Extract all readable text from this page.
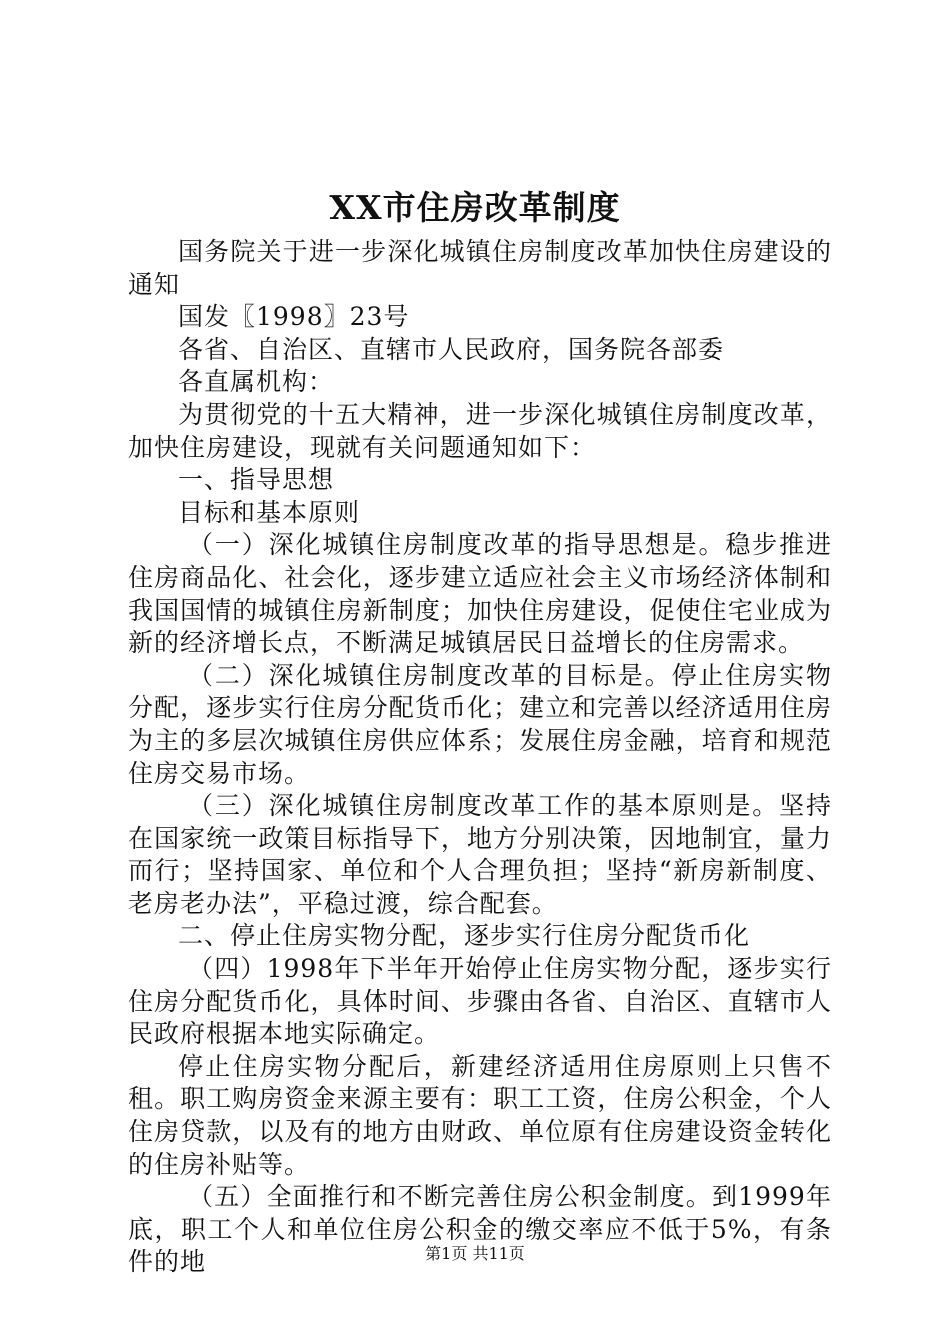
XX市住房改革制度

国务院关于进一步深化城镇住房制度改革加快住房建设的通知

国发〖1998〗23号

各省、自治区、直辖市人民政府，国务院各部委

各直属机构：

为贯彻党的十五大精神，进一步深化城镇住房制度改革，加快住房建设，现就有关问题通知如下：

一、指导思想

目标和基本原则

（一）深化城镇住房制度改革的指导思想是。稳步推进住房商品化、社会化，逐步建立适应社会主义市场经济体制和我国国情的城镇住房新制度；加快住房建设，促使住宅业成为新的经济增长点，不断满足城镇居民日益增长的住房需求。

（二）深化城镇住房制度改革的目标是。停止住房实物分配，逐步实行住房分配货币化；建立和完善以经济适用住房为主的多层次城镇住房供应体系；发展住房金融，培育和规范住房交易市场。

（三）深化城镇住房制度改革工作的基本原则是。坚持在国家统一政策目标指导下，地方分别决策，因地制宜，量力而行；坚持国家、单位和个人合理负担；坚持“新房新制度、老房老办法”，平稳过渡，综合配套。

二、停止住房实物分配，逐步实行住房分配货币化

（四）1998年下半年开始停止住房实物分配，逐步实行住房分配货币化，具体时间、步骤由各省、自治区、直辖市人民政府根据本地实际确定。

停止住房实物分配后，新建经济适用住房原则上只售不租。职工购房资金来源主要有：职工工资，住房公积金，个人住房贷款，以及有的地方由财政、单位原有住房建设资金转化的住房补贴等。

（五）全面推行和不断完善住房公积金制度。到1999年底，职工个人和单位住房公积金的缴交率应不低于5%，有条件的地	第1页 共11页
